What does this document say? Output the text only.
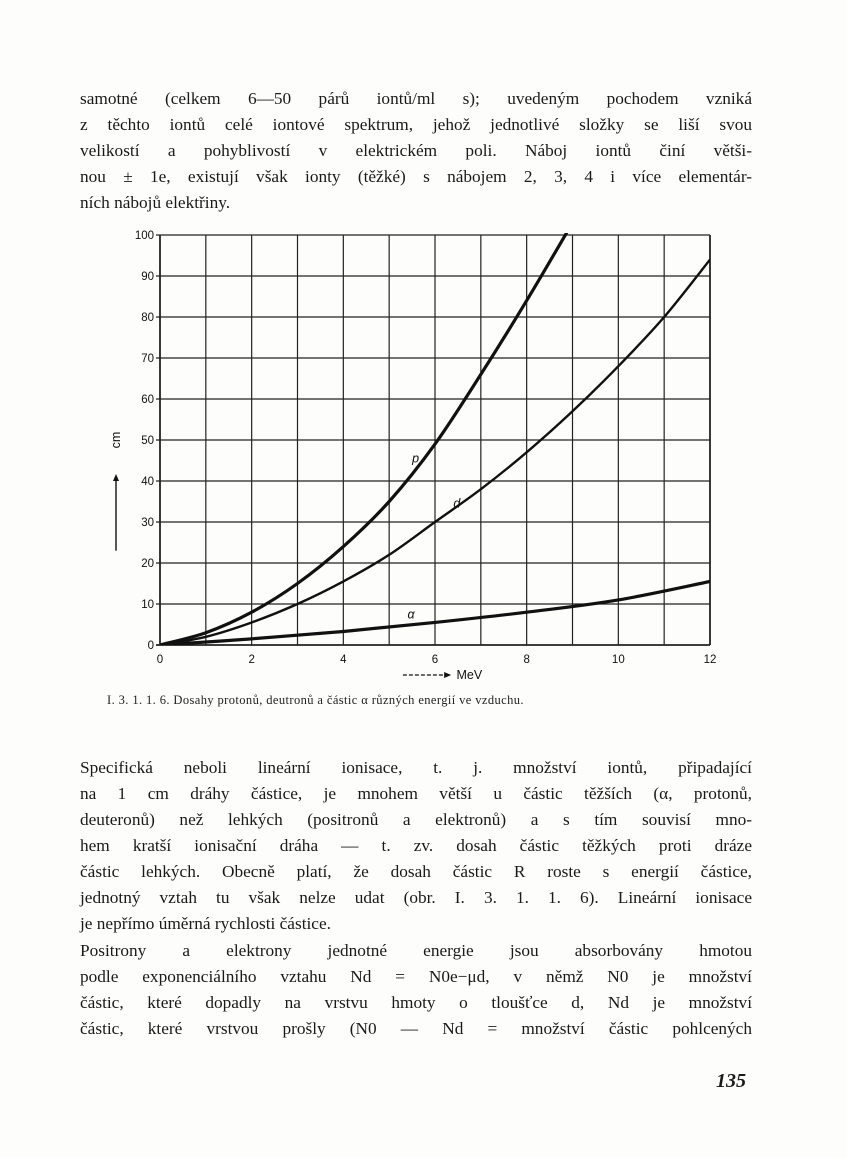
samotné (celkem 6—50 párů iontů/ml s); uvedeným pochodem vzniká
z těchto iontů celé iontové spektrum, jehož jednotlivé složky se liší svou
velikostí a pohyblivostí v elektrickém poli. Náboj iontů činí větši-
nou ± 1e, existují však ionty (těžké) s nábojem 2, 3, 4 i více elementár-
ních nábojů elektřiny.
0
10
20
30
40
50
60
70
80
90
100
0	2	4	6	8	10	12
MeV
cm
p
d
α

I. 3. 1. 1. 6. Dosahy protonů, deutronů a částic α různých energií ve vzduchu.

Specifická neboli lineární ionisace, t. j. množství iontů, připadající
na 1 cm dráhy částice, je mnohem větší u částic těžších (α, protonů,
deuteronů) než lehkých (positronů a elektronů) a s tím souvisí mno-
hem kratší ionisační dráha — t. zv. dosah částic těžkých proti dráze
částic lehkých. Obecně platí, že dosah částic R roste s energií částice,
jednotný vztah tu však nelze udat (obr. I. 3. 1. 1. 6). Lineární ionisace
je nepřímo úměrná rychlosti částice.
Positrony a elektrony jednotné energie jsou absorbovány hmotou
podle exponenciálního vztahu Nd = N0e−μd, v němž N0 je množství
částic, které dopadly na vrstvu hmoty o tloušťce d, Nd je množství
částic, které vrstvou prošly (N0 — Nd = množství částic pohlcených
135
